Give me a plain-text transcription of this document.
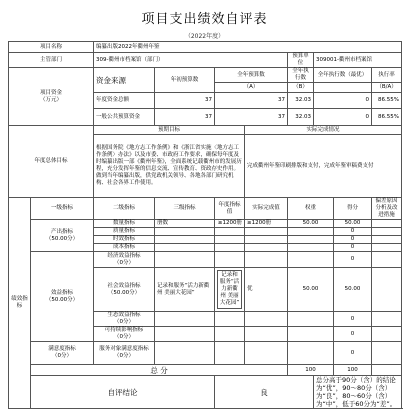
项目支出绩效自评表
（2022年度）
项目名称		编纂出版2022年衢州年鉴							
主管部门		309-衢州市档案馆（部门）				预算单位	309001-衢州市档案馆		
项目资金
（万元）		资金来源	年初预算数	全年预算数		全年执行数	全年执行数（最优）		执行率
				（A）		（B）			（B/A）
		年度资金总额	37	37		32.03	0		86.55%
		一般公共预算资金	37	37		32.03	0		86.55%
年度总体目标		预期目标			实际完成情况				
		根据国务院《地方志工作条例》和《浙江省实施〈地方志工作条例〉办法》以及市委、市政府工作要求，确保每年度及时编纂出版一部《衢州年鉴》，全面系统记载衢州市的发展历程，充分发挥年鉴的信息交流、宣传教育、资政存史作用。做到当年编纂出版，供党政机关领导、各地各部门研究机构、社会各界工作使用。			完成衢州年鉴印刷排版和支付，完成年鉴审稿费支付				
绩效指标	一级指标	二级指标	三级指标	年度指标值	实际完成值	权重		得分	偏差原因分析及改进措施
	产出指标
（50.00分）	数量指标	册数	≥1200册	≥1200册	50.00		50.00	
		质量指标						0	
		时效指标						0	
		成本指标						0	
	效益指标
（50.00分）	经济效益指标
（0分）						0	
		社会效益指标
（50.00分）	记录和服务“活力新衢州 美丽大花园”	记录和服务“活力新衢州 美丽大花园”	优	50.00		50.00	
		生态效益指标
（0分）						0	
		可持续影响指标
（0分）						0	
	满意度指标
（0分）	服务对象满意度指标
（0分）						0	
	总 分					100		100	
	自评结论			良			总分高于90分（含）的结论为“优”，90～80分（含）为“良”，80～60分（含）为“中”，低于60分为“差”。		
